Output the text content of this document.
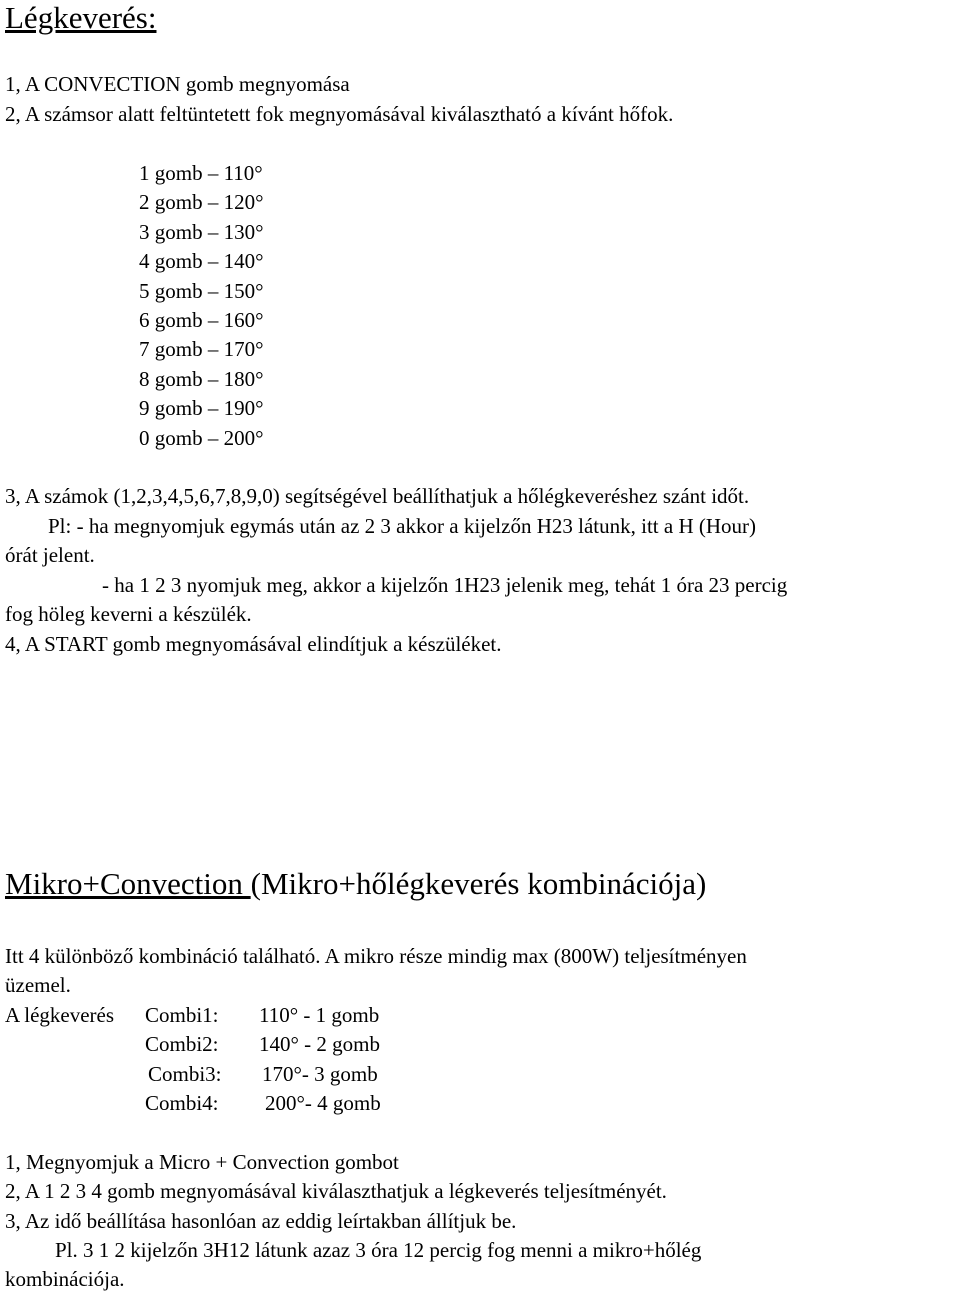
Légkeverés:
1, A CONVECTION gomb megnyomása
2, A számsor alatt feltüntetett fok megnyomásával kiválasztható a kívánt hőfok.
1 gomb – 110°
2 gomb – 120°
3 gomb – 130°
4 gomb – 140°
5 gomb – 150°
6 gomb – 160°
7 gomb – 170°
8 gomb – 180°
9 gomb – 190°
0 gomb – 200°
3, A számok (1,2,3,4,5,6,7,8,9,0) segítségével beállíthatjuk a hőlégkeveréshez szánt időt.
Pl: - ha megnyomjuk egymás után az 2 3 akkor a kijelzőn H23 látunk, itt a H (Hour)
órát jelent.
- ha 1 2 3 nyomjuk meg, akkor a kijelzőn 1H23 jelenik meg, tehát 1 óra 23 percig
fog höleg keverni a készülék.
4, A START gomb megnyomásával elindítjuk a készüléket.
Mikro+Convection (Mikro+hőlégkeverés kombinációja)
Itt 4 különböző kombináció található. A mikro része mindig max (800W) teljesítményen
üzemel.
A légkeverés Combi1: 110° - 1 gomb
Combi2: 140° - 2 gomb
Combi3: 170°- 3 gomb
Combi4: 200°- 4 gomb
1, Megnyomjuk a Micro + Convection gombot
2, A 1 2 3 4 gomb megnyomásával kiválaszthatjuk a légkeverés teljesítményét.
3, Az idő beállítása hasonlóan az eddig leírtakban állítjuk be.
Pl. 3 1 2 kijelzőn 3H12 látunk azaz 3 óra 12 percig fog menni a mikro+hőlég
kombinációja.
